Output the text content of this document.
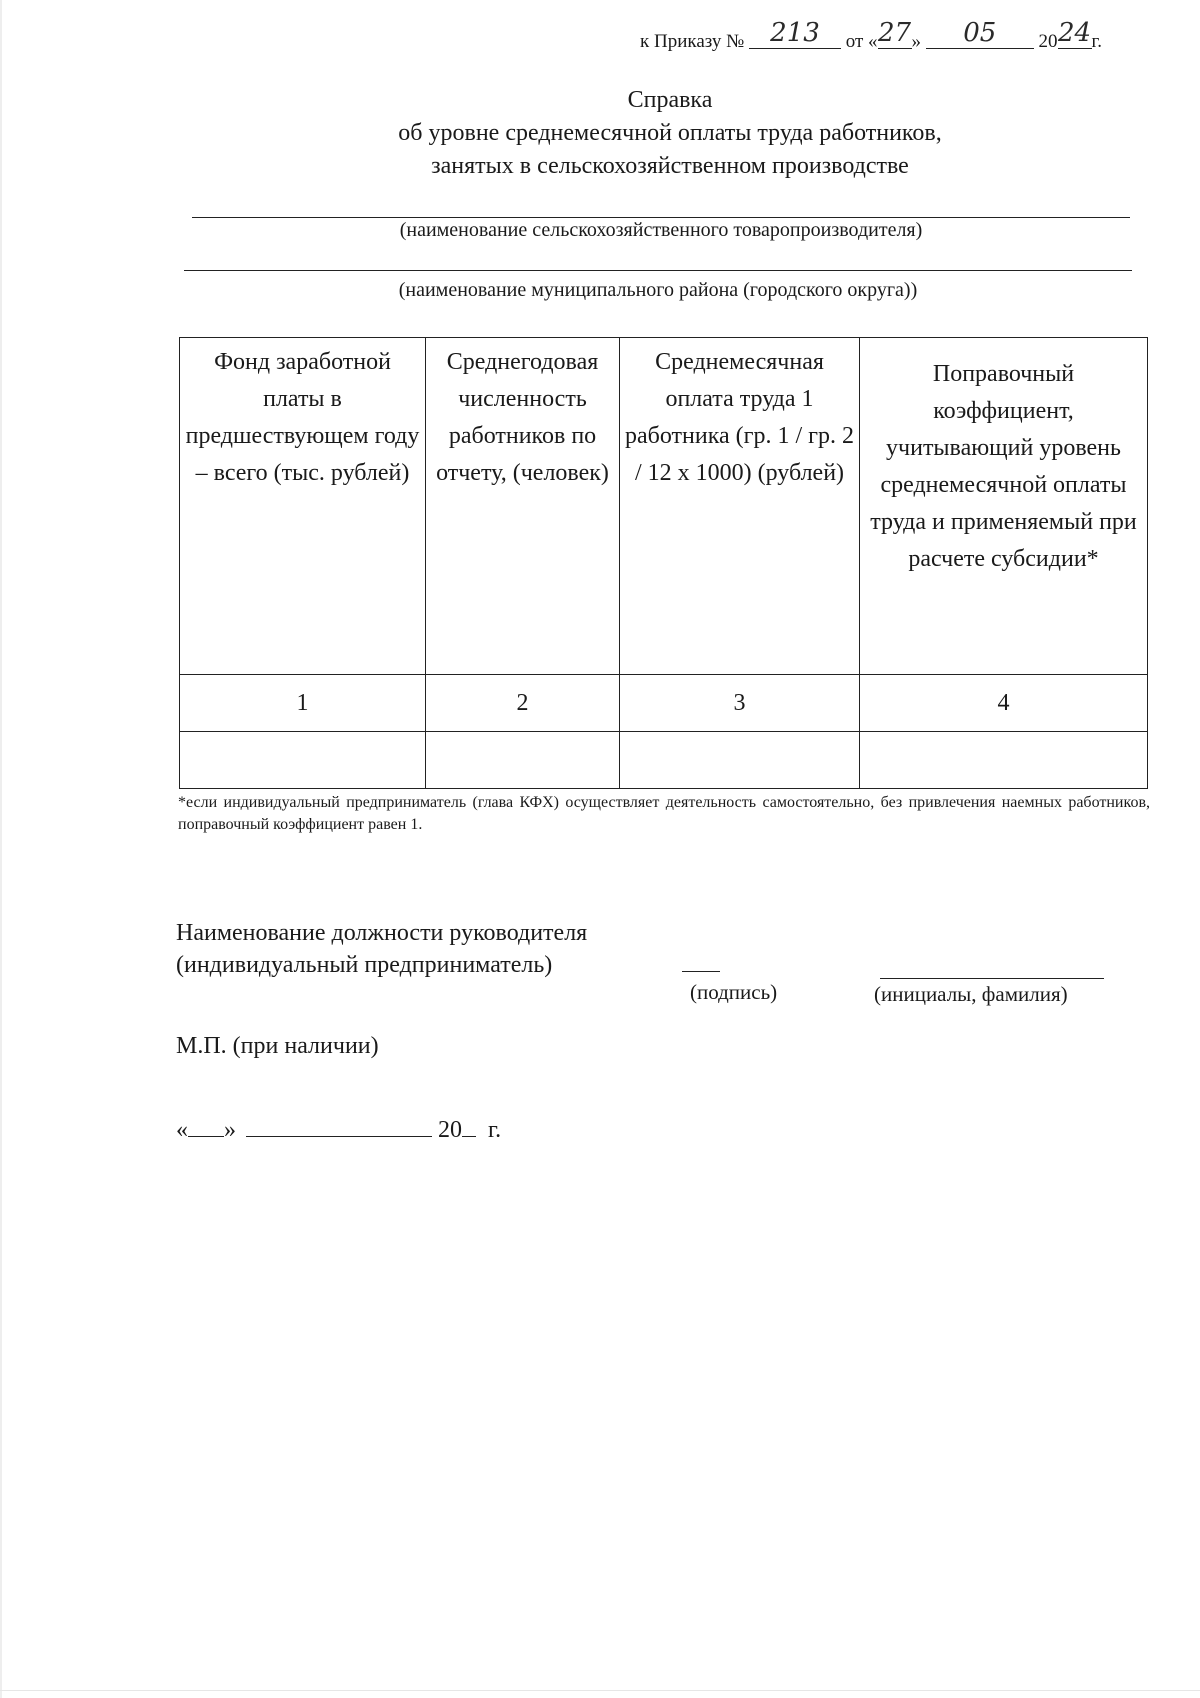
к Приказу № 213 от «27» 05 2024г.
Справка
об уровне среднемесячной оплаты труда работников,
занятых в сельскохозяйственном производстве
(наименование сельскохозяйственного товаропроизводителя)
(наименование муниципального района (городского округа))
Фонд заработной платы в предшествующем году – всего (тыс. рублей)	Среднегодовая численность работников по отчету, (человек)	Среднемесячная оплата труда 1 работника (гр. 1 / гр. 2 / 12 х 1000) (рублей)	Поправочный коэффициент, учитывающий уровень среднемесячной оплаты труда и применяемый при расчете субсидии*
1	2	3	4

*если индивидуальный предприниматель (глава КФХ) осуществляет деятельность самостоятельно, без привлечения наемных работников, поправочный коэффициент равен 1.
Наименование должности руководителя
(индивидуальный предприниматель)
(подпись)	(инициалы, фамилия)
М.П. (при наличии)
« »	20 г.
